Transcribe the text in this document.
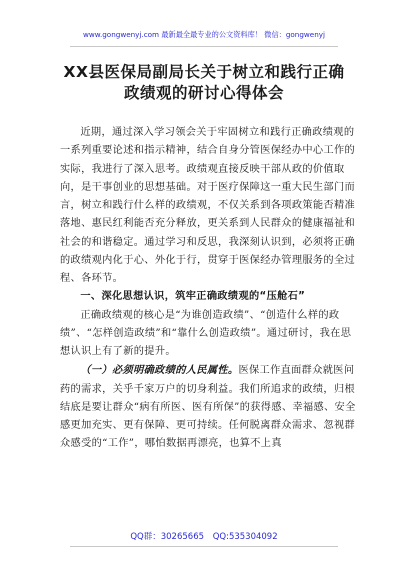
www.gongwenyj.com 最新最全最专业的公文资料库！ 微信：gongwenyj
XX县医保局副局长关于树立和践行正确
政绩观的研讨心得体会

近期，通过深入学习领会关于牢固树立和践行正确政绩观的一系列重要论述和指示精神，结合自身分管医保经办中心工作的实际，我进行了深入思考。政绩观直接反映干部从政的价值取向，是干事创业的思想基础。对于医疗保障这一重大民生部门而言，树立和践行什么样的政绩观，不仅关系到各项政策能否精准落地、惠民红利能否充分释放，更关系到人民群众的健康福祉和社会的和谐稳定。通过学习和反思，我深刻认识到，必须将正确的政绩观内化于心、外化于行，贯穿于医保经办管理服务的全过程、各环节。

一、深化思想认识，筑牢正确政绩观的“压舱石”

正确政绩观的核心是“为谁创造政绩”、“创造什么样的政绩”、“怎样创造政绩”和“靠什么创造政绩”。通过研讨，我在思想认识上有了新的提升。

（一）必须明确政绩的人民属性。医保工作直面群众就医问药的需求，关乎千家万户的切身利益。我们所追求的政绩，归根结底是要让群众“病有所医、医有所保”的获得感、幸福感、安全感更加充实、更有保障、更可持续。任何脱离群众需求、忽视群众感受的“工作”，哪怕数据再漂亮，也算不上真

QQ群：30265665 QQ:535304092
